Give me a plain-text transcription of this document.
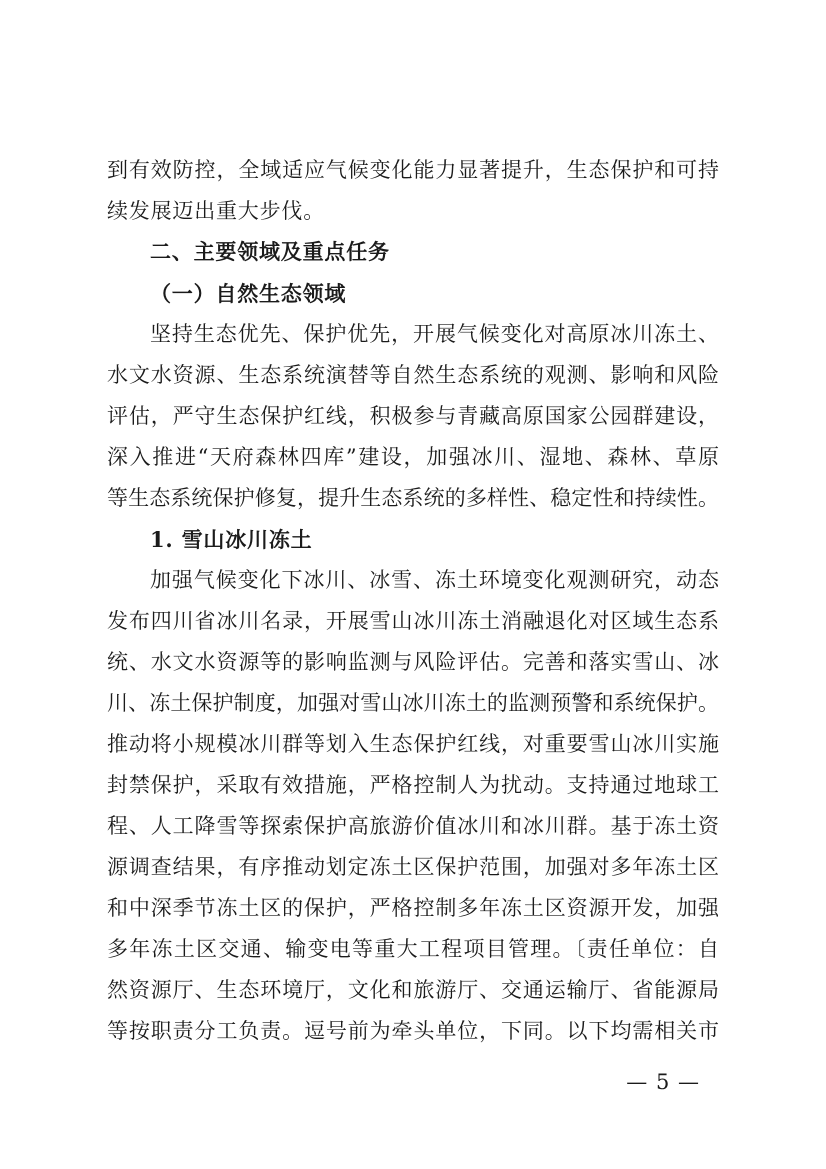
到有效防控，全域适应气候变化能力显著提升，生态保护和可持
续发展迈出重大步伐。
二、主要领域及重点任务
（一）自然生态领域
坚持生态优先、保护优先，开展气候变化对高原冰川冻土、
水文水资源、生态系统演替等自然生态系统的观测、影响和风险
评估，严守生态保护红线，积极参与青藏高原国家公园群建设，
深入推进“天府森林四库”建设，加强冰川、湿地、森林、草原
等生态系统保护修复，提升生态系统的多样性、稳定性和持续性。
1. 雪山冰川冻土
加强气候变化下冰川、冰雪、冻土环境变化观测研究，动态
发布四川省冰川名录，开展雪山冰川冻土消融退化对区域生态系
统、水文水资源等的影响监测与风险评估。完善和落实雪山、冰
川、冻土保护制度，加强对雪山冰川冻土的监测预警和系统保护。
推动将小规模冰川群等划入生态保护红线，对重要雪山冰川实施
封禁保护，采取有效措施，严格控制人为扰动。支持通过地球工
程、人工降雪等探索保护高旅游价值冰川和冰川群。基于冻土资
源调查结果，有序推动划定冻土区保护范围，加强对多年冻土区
和中深季节冻土区的保护，严格控制多年冻土区资源开发，加强
多年冻土区交通、输变电等重大工程项目管理。〔责任单位：自
然资源厅、生态环境厅，文化和旅游厅、交通运输厅、省能源局
等按职责分工负责。逗号前为牵头单位，下同。以下均需相关市
— 5 —
